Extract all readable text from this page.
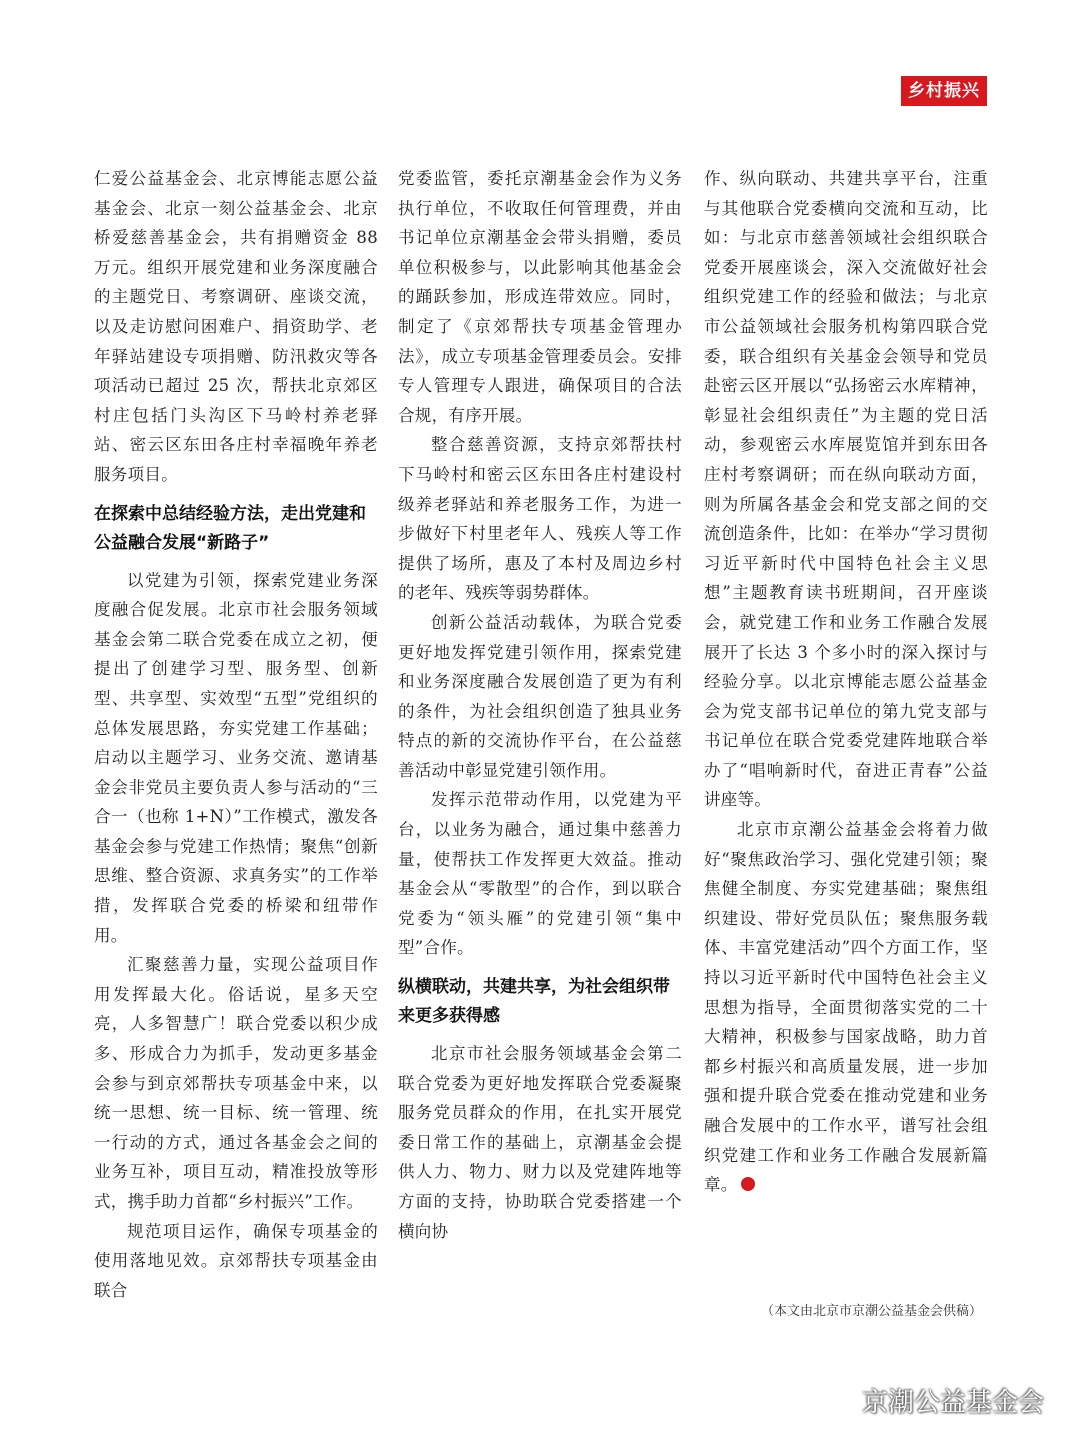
乡村振兴

仁爱公益基金会、北京博能志愿公益基金会、北京一刻公益基金会、北京桥爱慈善基金会，共有捐赠资金 88 万元。组织开展党建和业务深度融合的主题党日、考察调研、座谈交流，以及走访慰问困难户、捐资助学、老年驿站建设专项捐赠、防汛救灾等各项活动已超过 25 次，帮扶北京郊区村庄包括门头沟区下马岭村养老驿站、密云区东田各庄村幸福晚年养老服务项目。

在探索中总结经验方法，走出党建和公益融合发展“新路子”

以党建为引领，探索党建业务深度融合促发展。北京市社会服务领域基金会第二联合党委在成立之初，便提出了创建学习型、服务型、创新型、共享型、实效型“五型”党组织的总体发展思路，夯实党建工作基础；启动以主题学习、业务交流、邀请基金会非党员主要负责人参与活动的“三合一（也称 1+N）”工作模式，激发各基金会参与党建工作热情；聚焦“创新思维、整合资源、求真务实”的工作举措，发挥联合党委的桥梁和纽带作用。

汇聚慈善力量，实现公益项目作用发挥最大化。俗话说，星多天空亮，人多智慧广！联合党委以积少成多、形成合力为抓手，发动更多基金会参与到京郊帮扶专项基金中来，以统一思想、统一目标、统一管理、统一行动的方式，通过各基金会之间的业务互补，项目互动，精准投放等形式，携手助力首都“乡村振兴”工作。

规范项目运作，确保专项基金的使用落地见效。京郊帮扶专项基金由联合

党委监管，委托京潮基金会作为义务执行单位，不收取任何管理费，并由书记单位京潮基金会带头捐赠，委员单位积极参与，以此影响其他基金会的踊跃参加，形成连带效应。同时，制定了《京郊帮扶专项基金管理办法》，成立专项基金管理委员会。安排专人管理专人跟进，确保项目的合法合规，有序开展。

整合慈善资源，支持京郊帮扶村下马岭村和密云区东田各庄村建设村级养老驿站和养老服务工作，为进一步做好下村里老年人、残疾人等工作提供了场所，惠及了本村及周边乡村的老年、残疾等弱势群体。

创新公益活动载体，为联合党委更好地发挥党建引领作用，探索党建和业务深度融合发展创造了更为有利的条件，为社会组织创造了独具业务特点的新的交流协作平台，在公益慈善活动中彰显党建引领作用。

发挥示范带动作用，以党建为平台，以业务为融合，通过集中慈善力量，使帮扶工作发挥更大效益。推动基金会从“零散型”的合作，到以联合党委为“领头雁”的党建引领“集中型”合作。

纵横联动，共建共享，为社会组织带来更多获得感

北京市社会服务领域基金会第二联合党委为更好地发挥联合党委凝聚服务党员群众的作用，在扎实开展党委日常工作的基础上，京潮基金会提供人力、物力、财力以及党建阵地等方面的支持，协助联合党委搭建一个横向协

作、纵向联动、共建共享平台，注重与其他联合党委横向交流和互动，比如：与北京市慈善领域社会组织联合党委开展座谈会，深入交流做好社会组织党建工作的经验和做法；与北京市公益领域社会服务机构第四联合党委，联合组织有关基金会领导和党员赴密云区开展以“弘扬密云水库精神，彰显社会组织责任”为主题的党日活动，参观密云水库展览馆并到东田各庄村考察调研；而在纵向联动方面，则为所属各基金会和党支部之间的交流创造条件，比如：在举办“学习贯彻习近平新时代中国特色社会主义思想”主题教育读书班期间，召开座谈会，就党建工作和业务工作融合发展展开了长达 3 个多小时的深入探讨与经验分享。以北京博能志愿公益基金会为党支部书记单位的第九党支部与书记单位在联合党委党建阵地联合举办了“唱响新时代，奋进正青春”公益讲座等。

北京市京潮公益基金会将着力做好“聚焦政治学习、强化党建引领；聚焦健全制度、夯实党建基础；聚焦组织建设、带好党员队伍；聚焦服务载体、丰富党建活动”四个方面工作，坚持以习近平新时代中国特色社会主义思想为指导，全面贯彻落实党的二十大精神，积极参与国家战略，助力首都乡村振兴和高质量发展，进一步加强和提升联合党委在推动党建和业务融合发展中的工作水平，谱写社会组织党建工作和业务工作融合发展新篇章。

（本文由北京市京潮公益基金会供稿）
京潮公益基金会
